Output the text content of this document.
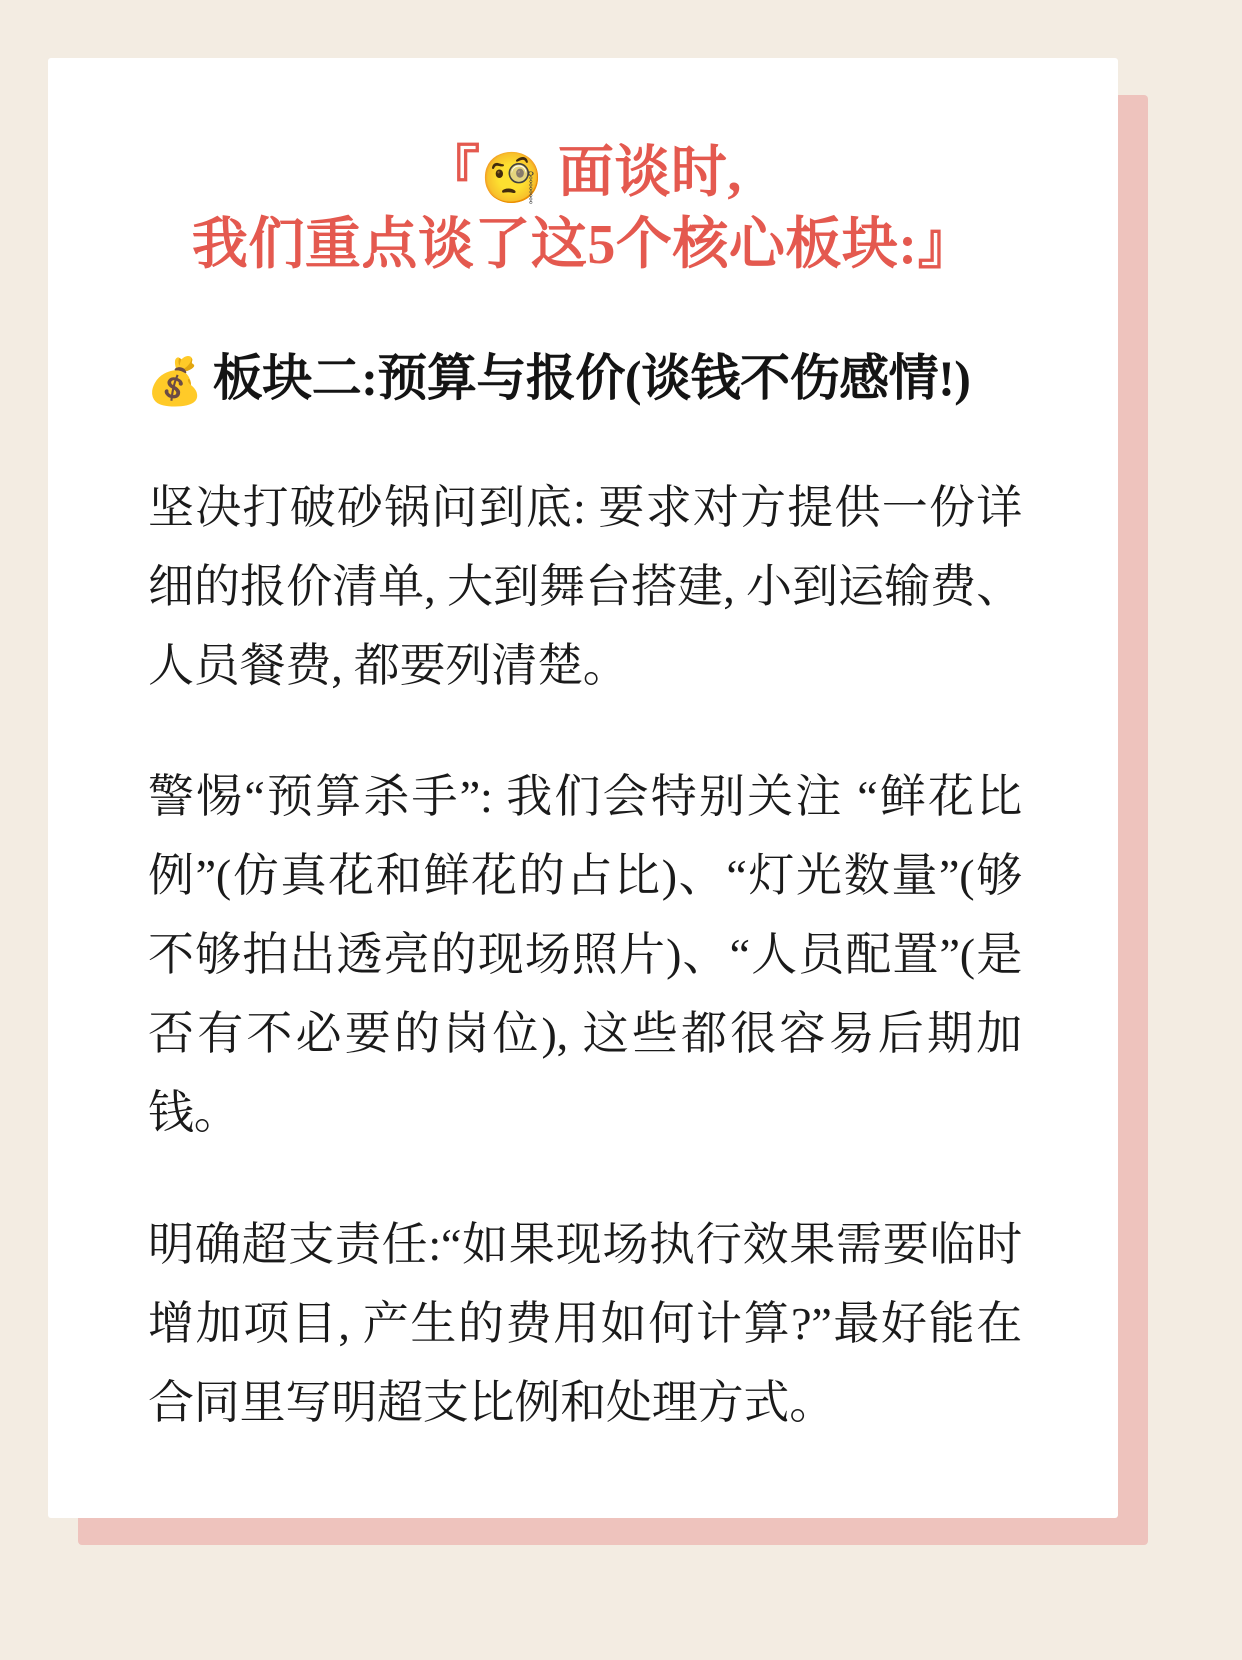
『🧐 面谈时,
我们重点谈了这5个核心板块:』
💰 板块二:预算与报价(谈钱不伤感情!)

坚决打破砂锅问到底: 要求对方提供一份详细的报价清单, 大到舞台搭建, 小到运输费、人员餐费, 都要列清楚。

警惕“预算杀手”: 我们会特别关注 “鲜花比例”(仿真花和鲜花的占比)、“灯光数量”(够不够拍出透亮的现场照片)、“人员配置”(是否有不必要的岗位), 这些都很容易后期加钱。

明确超支责任:“如果现场执行效果需要临时增加项目, 产生的费用如何计算?”最好能在合同里写明超支比例和处理方式。
